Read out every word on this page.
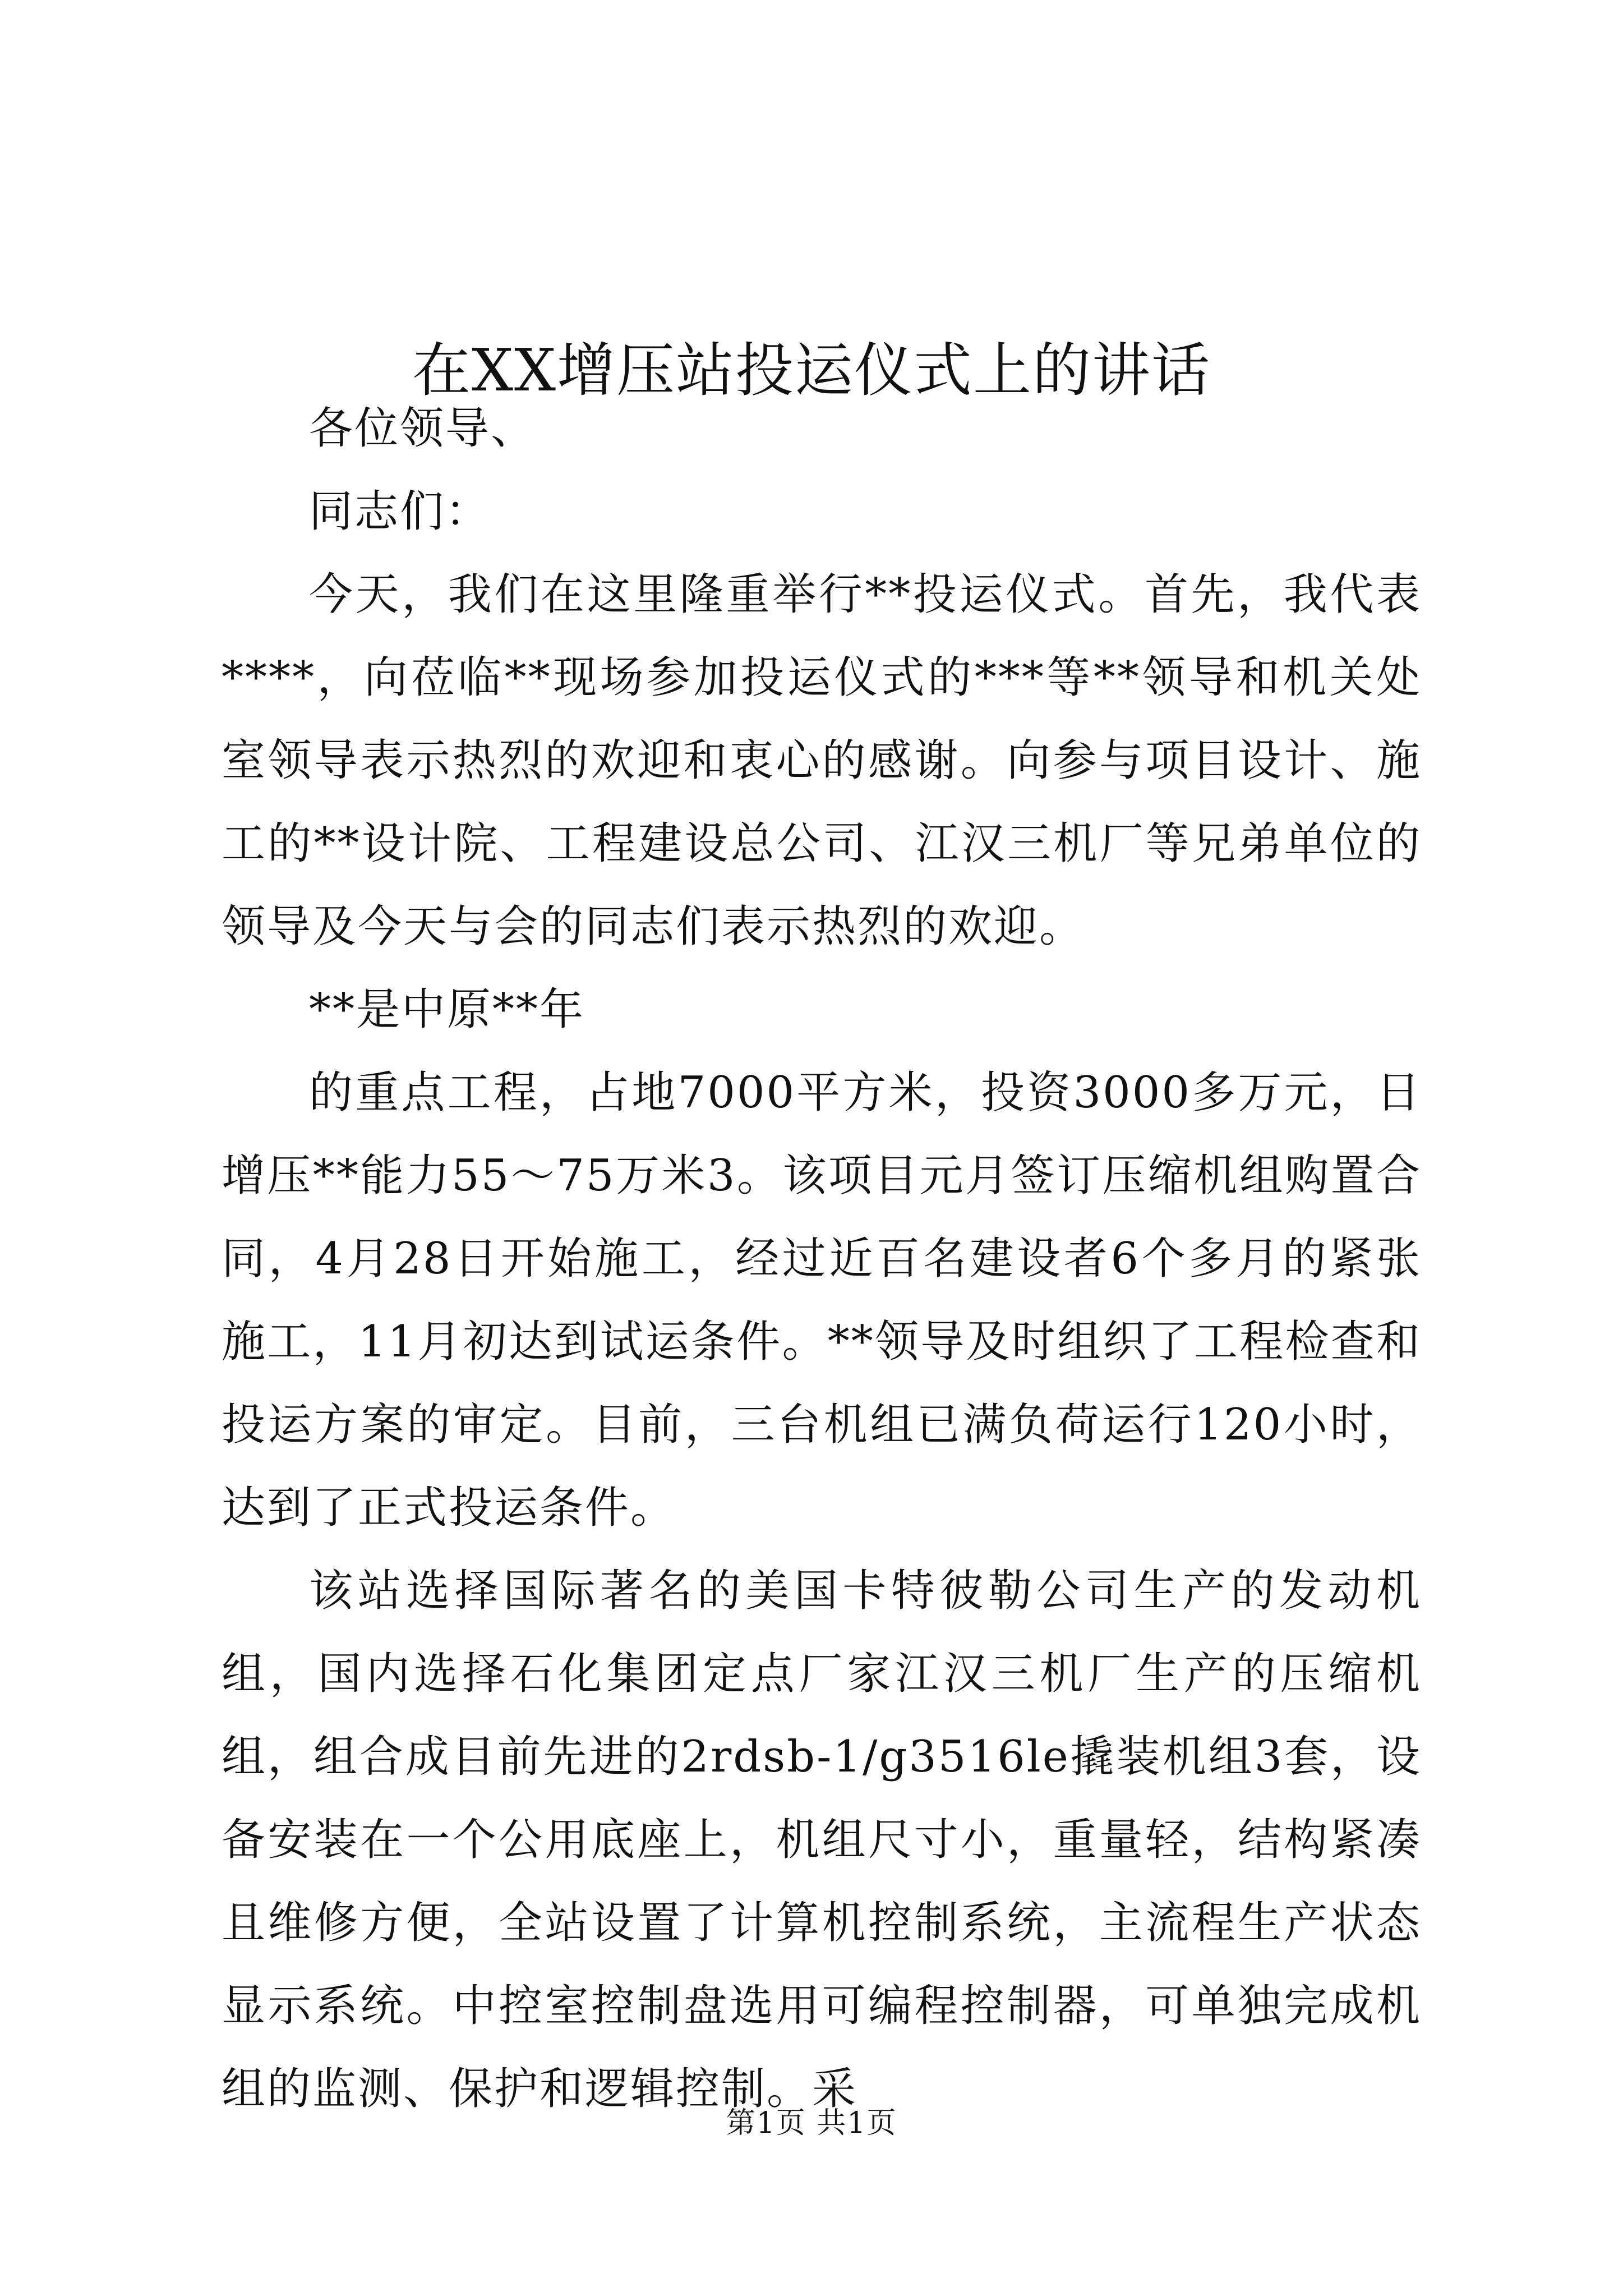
在XX增压站投运仪式上的讲话

各位领导、

同志们：

今天，我们在这里隆重举行**投运仪式。首先，我代表****，向莅临**现场参加投运仪式的***等**领导和机关处室领导表示热烈的欢迎和衷心的感谢。向参与项目设计、施工的**设计院、工程建设总公司、江汉三机厂等兄弟单位的领导及今天与会的同志们表示热烈的欢迎。

**是中原**年

的重点工程，占地7000平方米，投资3000多万元，日增压**能力55～75万米3。该项目元月签订压缩机组购置合同，4月28日开始施工，经过近百名建设者6个多月的紧张施工，11月初达到试运条件。**领导及时组织了工程检查和投运方案的审定。目前，三台机组已满负荷运行120小时，达到了正式投运条件。

该站选择国际著名的美国卡特彼勒公司生产的发动机组，国内选择石化集团定点厂家江汉三机厂生产的压缩机组，组合成目前先进的2rdsb-1/g3516le撬装机组3套，设备安装在一个公用底座上，机组尺寸小，重量轻，结构紧凑且维修方便，全站设置了计算机控制系统，主流程生产状态显示系统。中控室控制盘选用可编程控制器，可单独完成机组的监测、保护和逻辑控制。采

第1页 共1页
